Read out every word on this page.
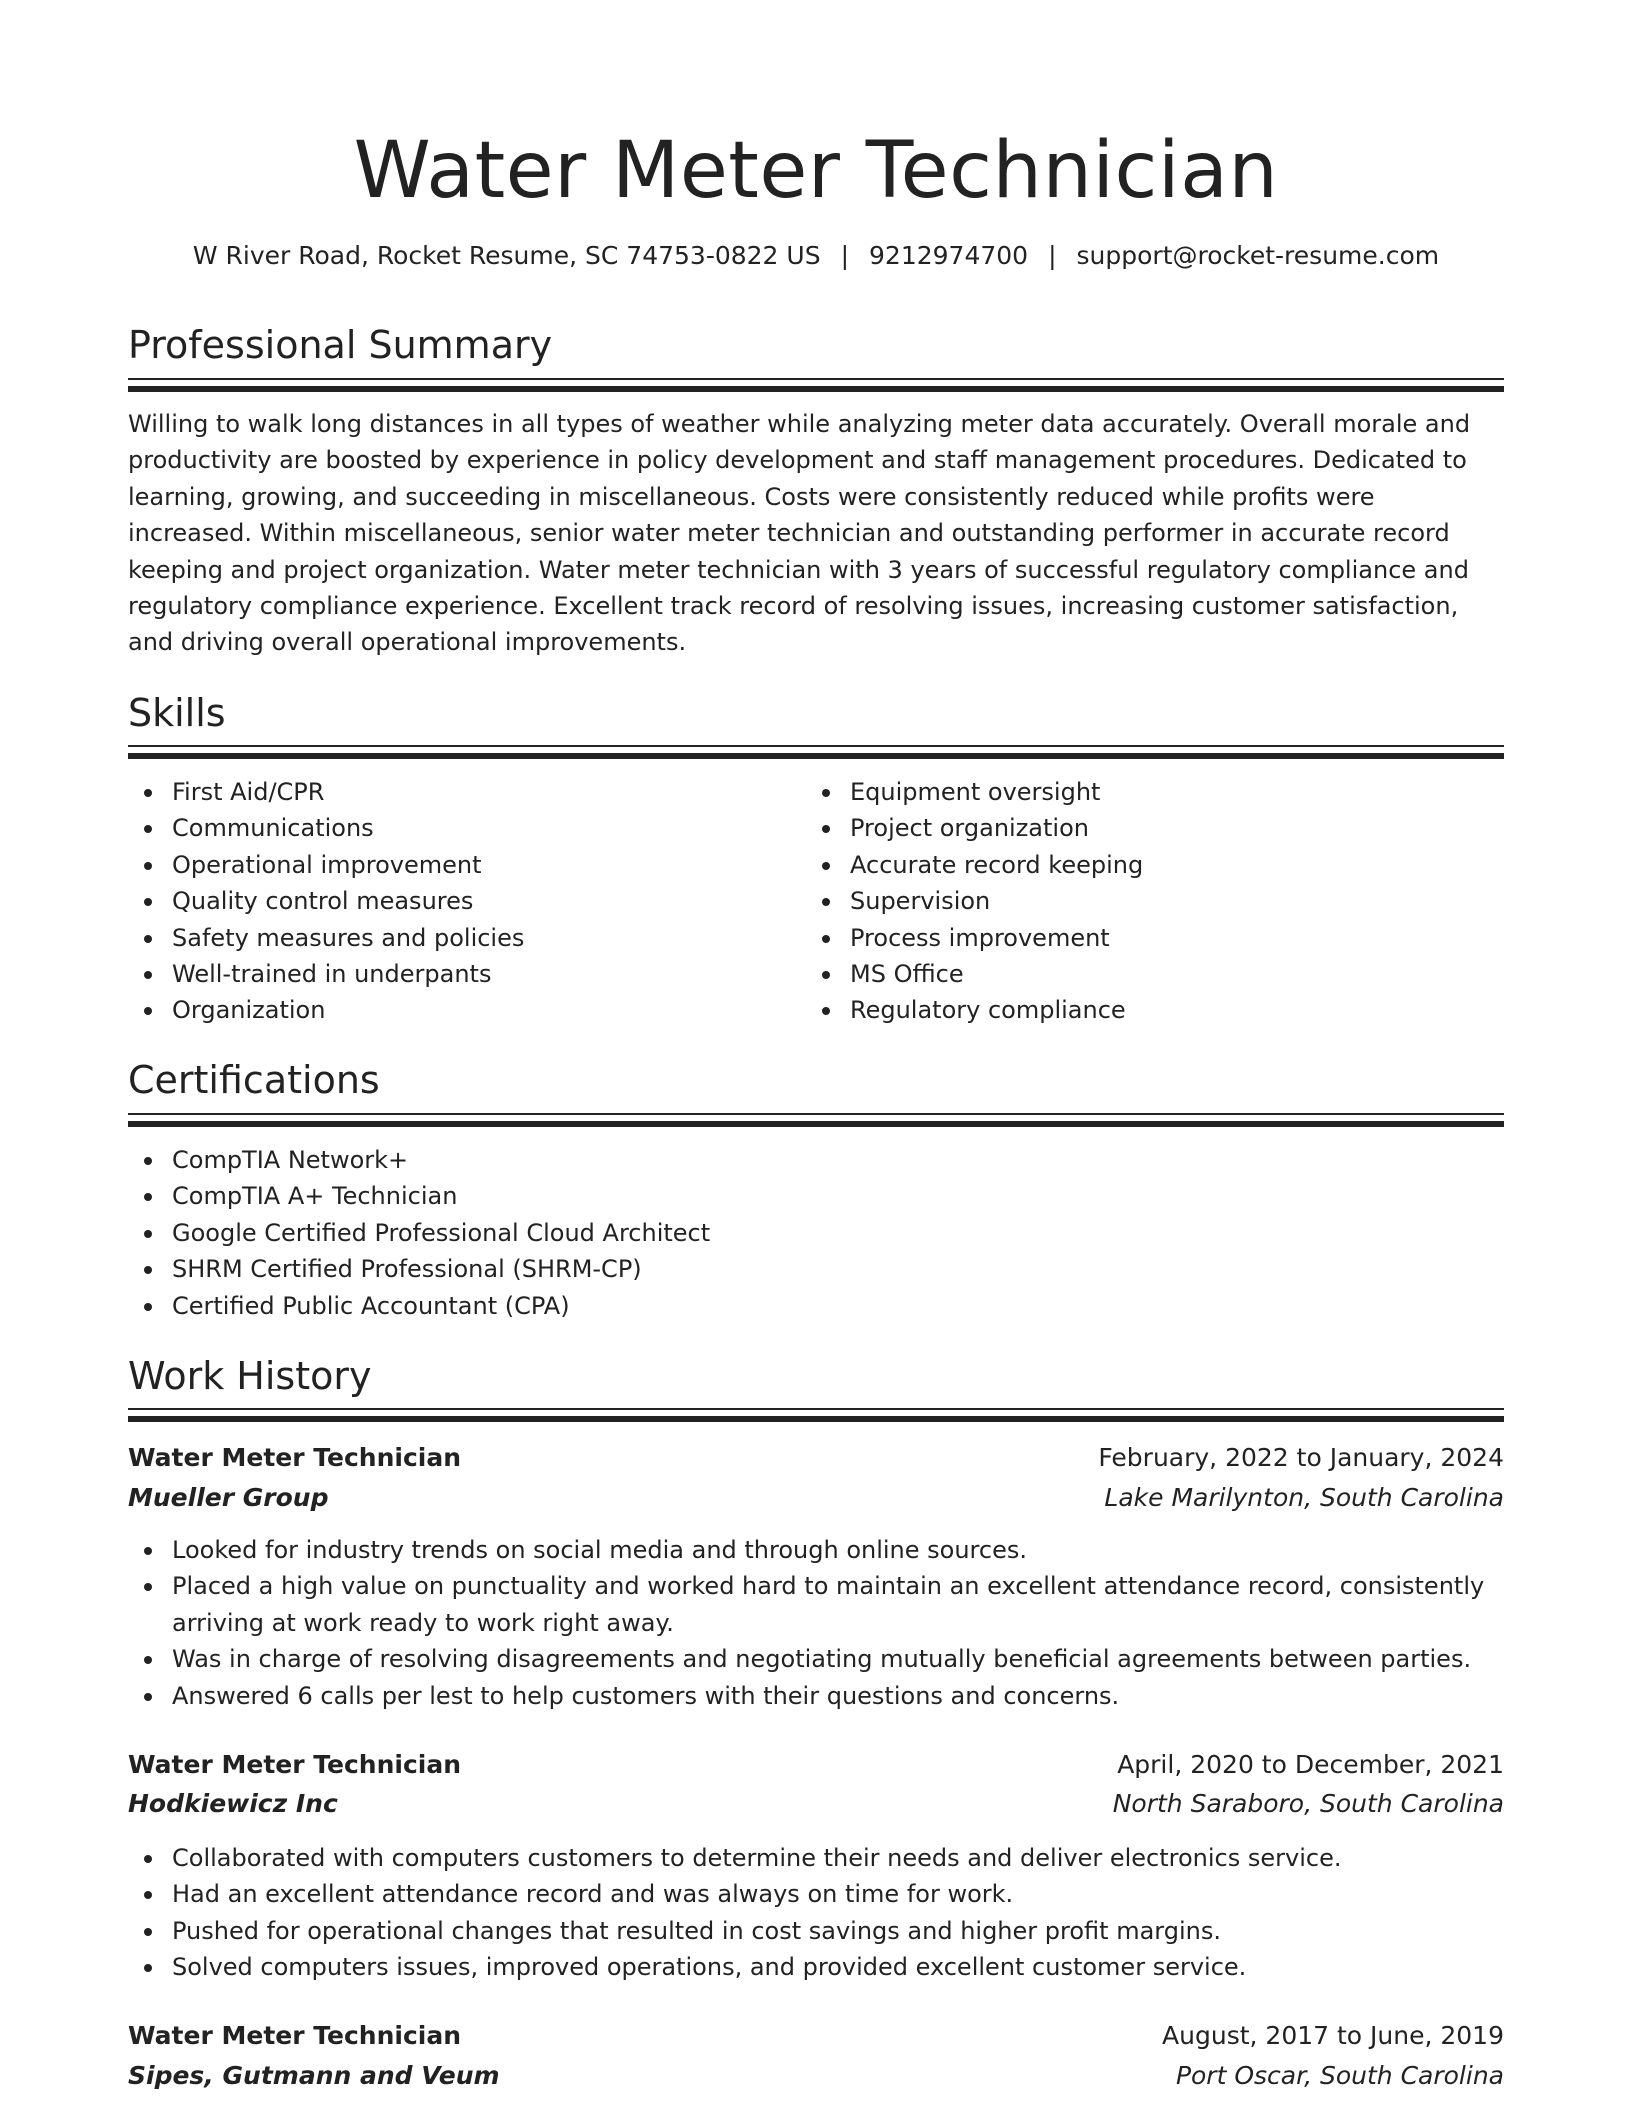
Water Meter Technician
W River Road, Rocket Resume, SC 74753-0822 US | 9212974700 | support@rocket-resume.com
Professional Summary
Willing to walk long distances in all types of weather while analyzing meter data accurately. Overall morale and productivity are boosted by experience in policy development and staff management procedures. Dedicated to learning, growing, and succeeding in miscellaneous. Costs were consistently reduced while profits were increased. Within miscellaneous, senior water meter technician and outstanding performer in accurate record keeping and project organization. Water meter technician with 3 years of successful regulatory compliance and regulatory compliance experience. Excellent track record of resolving issues, increasing customer satisfaction, and driving overall operational improvements.
Skills
First Aid/CPR
Communications
Operational improvement
Quality control measures
Safety measures and policies
Well-trained in underpants
Organization
Equipment oversight
Project organization
Accurate record keeping
Supervision
Process improvement
MS Office
Regulatory compliance
Certifications
CompTIA Network+
CompTIA A+ Technician
Google Certified Professional Cloud Architect
SHRM Certified Professional (SHRM-CP)
Certified Public Accountant (CPA)
Work History
Water Meter Technician	February, 2022 to January, 2024
Mueller Group	Lake Marilynton, South Carolina
Looked for industry trends on social media and through online sources.
Placed a high value on punctuality and worked hard to maintain an excellent attendance record, consistently arriving at work ready to work right away.
Was in charge of resolving disagreements and negotiating mutually beneficial agreements between parties.
Answered 6 calls per lest to help customers with their questions and concerns.
Water Meter Technician	April, 2020 to December, 2021
Hodkiewicz Inc	North Saraboro, South Carolina
Collaborated with computers customers to determine their needs and deliver electronics service.
Had an excellent attendance record and was always on time for work.
Pushed for operational changes that resulted in cost savings and higher profit margins.
Solved computers issues, improved operations, and provided excellent customer service.
Water Meter Technician	August, 2017 to June, 2019
Sipes, Gutmann and Veum	Port Oscar, South Carolina
